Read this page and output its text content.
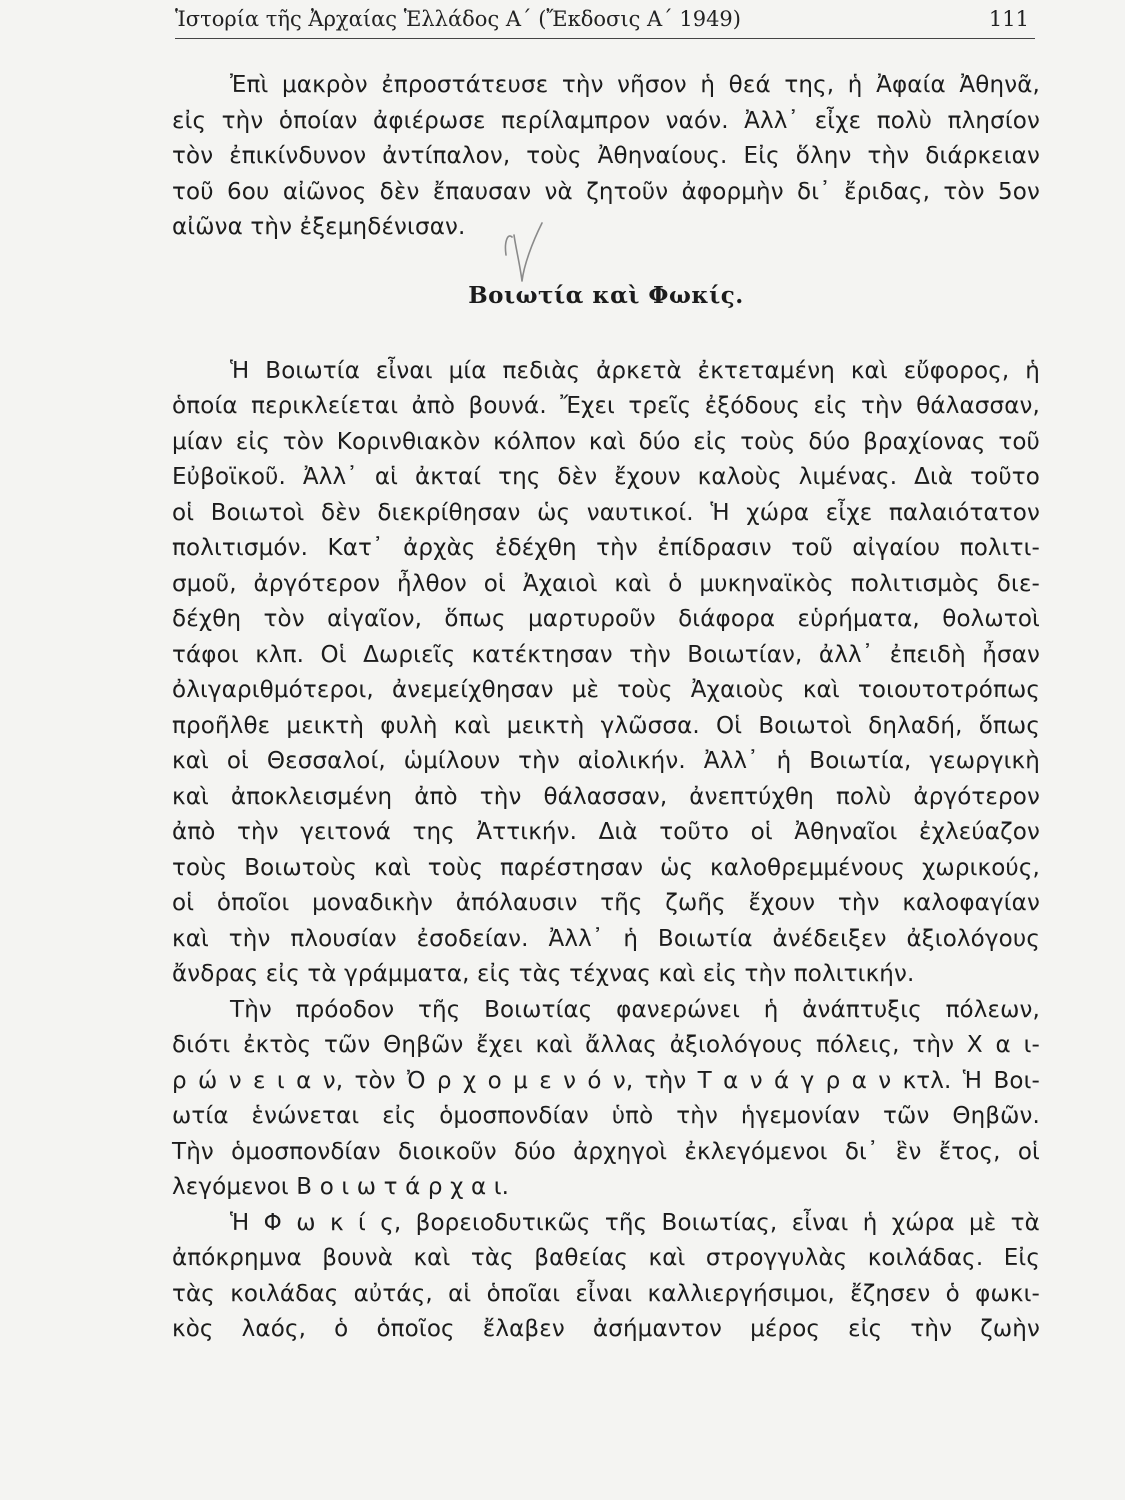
Ἱστορία τῆς Ἀρχαίας Ἑλλάδος Α´ (Ἔκδοσις Α´ 1949)	111
Ἐπὶ μακρὸν ἐπροστάτευσε τὴν νῆσον ἡ θεά της, ἡ Ἀφαία Ἀθηνᾶ,
εἰς τὴν ὁποίαν ἀφιέρωσε περίλαμπρον ναόν. Ἀλλ᾽ εἶχε πολὺ πλησίον
τὸν ἐπικίνδυνον ἀντίπαλον, τοὺς Ἀθηναίους. Εἰς ὅλην τὴν διάρκειαν
τοῦ 6ου αἰῶνος δὲν ἔπαυσαν νὰ ζητοῦν ἀφορμὴν δι᾽ ἔριδας, τὸν 5ον
αἰῶνα τὴν ἐξεμηδένισαν.
Βοιωτία καὶ Φωκίς.
Ἡ Βοιωτία εἶναι μία πεδιὰς ἀρκετὰ ἐκτεταμένη καὶ εὔφορος, ἡ
ὁποία περικλείεται ἀπὸ βουνά. Ἔχει τρεῖς ἐξόδους εἰς τὴν θάλασσαν,
μίαν εἰς τὸν Κορινθιακὸν κόλπον καὶ δύο εἰς τοὺς δύο βραχίονας τοῦ
Εὐβοϊκοῦ. Ἀλλ᾽ αἱ ἀκταί της δὲν ἔχουν καλοὺς λιμένας. Διὰ τοῦτο
οἱ Βοιωτοὶ δὲν διεκρίθησαν ὡς ναυτικοί. Ἡ χώρα εἶχε παλαιότατον
πολιτισμόν. Κατ᾽ ἀρχὰς ἐδέχθη τὴν ἐπίδρασιν τοῦ αἰγαίου πολιτι-
σμοῦ, ἀργότερον ἦλθον οἱ Ἀχαιοὶ καὶ ὁ μυκηναϊκὸς πολιτισμὸς διε-
δέχθη τὸν αἰγαῖον, ὅπως μαρτυροῦν διάφορα εὑρήματα, θολωτοὶ
τάφοι κλπ. Οἱ Δωριεῖς κατέκτησαν τὴν Βοιωτίαν, ἀλλ᾽ ἐπειδὴ ἦσαν
ὀλιγαριθμότεροι, ἀνεμείχθησαν μὲ τοὺς Ἀχαιοὺς καὶ τοιουτοτρόπως
προῆλθε μεικτὴ φυλὴ καὶ μεικτὴ γλῶσσα. Οἱ Βοιωτοὶ δηλαδή, ὅπως
καὶ οἱ Θεσσαλοί, ὡμίλουν τὴν αἰολικήν. Ἀλλ᾽ ἡ Βοιωτία, γεωργικὴ
καὶ ἀποκλεισμένη ἀπὸ τὴν θάλασσαν, ἀνεπτύχθη πολὺ ἀργότερον
ἀπὸ τὴν γειτονά της Ἀττικήν. Διὰ τοῦτο οἱ Ἀθηναῖοι ἐχλεύαζον
τοὺς Βοιωτοὺς καὶ τοὺς παρέστησαν ὡς καλοθρεμμένους χωρικούς,
οἱ ὁποῖοι μοναδικὴν ἀπόλαυσιν τῆς ζωῆς ἔχουν τὴν καλοφαγίαν
καὶ τὴν πλουσίαν ἐσοδείαν. Ἀλλ᾽ ἡ Βοιωτία ἀνέδειξεν ἀξιολόγους
ἄνδρας εἰς τὰ γράμματα, εἰς τὰς τέχνας καὶ εἰς τὴν πολιτικήν.
Τὴν πρόοδον τῆς Βοιωτίας φανερώνει ἡ ἀνάπτυξις πόλεων,
διότι ἐκτὸς τῶν Θηβῶν ἔχει καὶ ἄλλας ἀξιολόγους πόλεις, τὴν Χ α ι-
ρ ώ ν ε ι α ν, τὸν Ὀ ρ χ ο μ ε ν ό ν, τὴν Τ α ν ά γ ρ α ν κτλ. Ἡ Βοι-
ωτία ἑνώνεται εἰς ὁμοσπονδίαν ὑπὸ τὴν ἡγεμονίαν τῶν Θηβῶν.
Τὴν ὁμοσπονδίαν διοικοῦν δύο ἀρχηγοὶ ἐκλεγόμενοι δι᾽ ἓν ἔτος, οἱ
λεγόμενοι Β ο ι ω τ ά ρ χ α ι.
Ἡ Φ ω κ ί ς, βορειοδυτικῶς τῆς Βοιωτίας, εἶναι ἡ χώρα μὲ τὰ
ἀπόκρημνα βουνὰ καὶ τὰς βαθείας καὶ στρογγυλὰς κοιλάδας. Εἰς
τὰς κοιλάδας αὐτάς, αἱ ὁποῖαι εἶναι καλλιεργήσιμοι, ἔζησεν ὁ φωκι-
κὸς λαός, ὁ ὁποῖος ἔλαβεν ἀσήμαντον μέρος εἰς τὴν ζωὴν
